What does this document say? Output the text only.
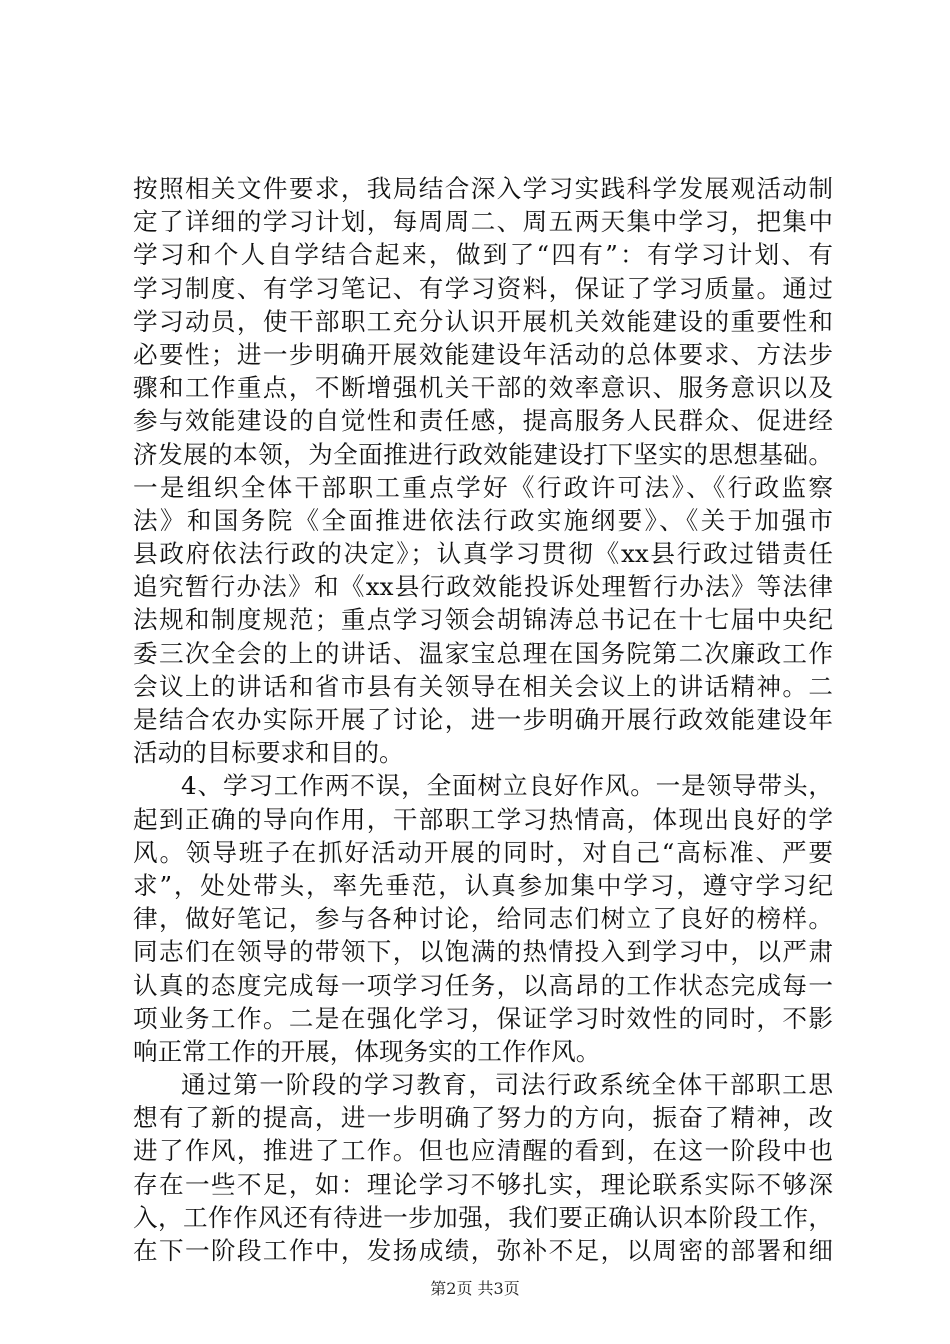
按照相关文件要求，我局结合深入学习实践科学发展观活动制
定了详细的学习计划，每周周二、周五两天集中学习，把集中
学习和个人自学结合起来，做到了“四有”：有学习计划、有
学习制度、有学习笔记、有学习资料，保证了学习质量。通过
学习动员，使干部职工充分认识开展机关效能建设的重要性和
必要性；进一步明确开展效能建设年活动的总体要求、方法步
骤和工作重点，不断增强机关干部的效率意识、服务意识以及
参与效能建设的自觉性和责任感，提高服务人民群众、促进经
济发展的本领，为全面推进行政效能建设打下坚实的思想基础。
一是组织全体干部职工重点学好《行政许可法》、《行政监察
法》和国务院《全面推进依法行政实施纲要》、《关于加强市
县政府依法行政的决定》；认真学习贯彻《xx县行政过错责任
追究暂行办法》和《xx县行政效能投诉处理暂行办法》等法律
法规和制度规范；重点学习领会胡锦涛总书记在十七届中央纪
委三次全会的上的讲话、温家宝总理在国务院第二次廉政工作
会议上的讲话和省市县有关领导在相关会议上的讲话精神。二
是结合农办实际开展了讨论，进一步明确开展行政效能建设年
活动的目标要求和目的。
4、学习工作两不误，全面树立良好作风。一是领导带头，
起到正确的导向作用，干部职工学习热情高，体现出良好的学
风。领导班子在抓好活动开展的同时，对自己“高标准、严要
求”，处处带头，率先垂范，认真参加集中学习，遵守学习纪
律，做好笔记，参与各种讨论，给同志们树立了良好的榜样。
同志们在领导的带领下，以饱满的热情投入到学习中，以严肃
认真的态度完成每一项学习任务，以高昂的工作状态完成每一
项业务工作。二是在强化学习，保证学习时效性的同时，不影
响正常工作的开展，体现务实的工作作风。
通过第一阶段的学习教育，司法行政系统全体干部职工思
想有了新的提高，进一步明确了努力的方向，振奋了精神，改
进了作风，推进了工作。但也应清醒的看到，在这一阶段中也
存在一些不足，如：理论学习不够扎实，理论联系实际不够深
入，工作作风还有待进一步加强，我们要正确认识本阶段工作，
在下一阶段工作中，发扬成绩，弥补不足，以周密的部署和细
第2页 共3页
